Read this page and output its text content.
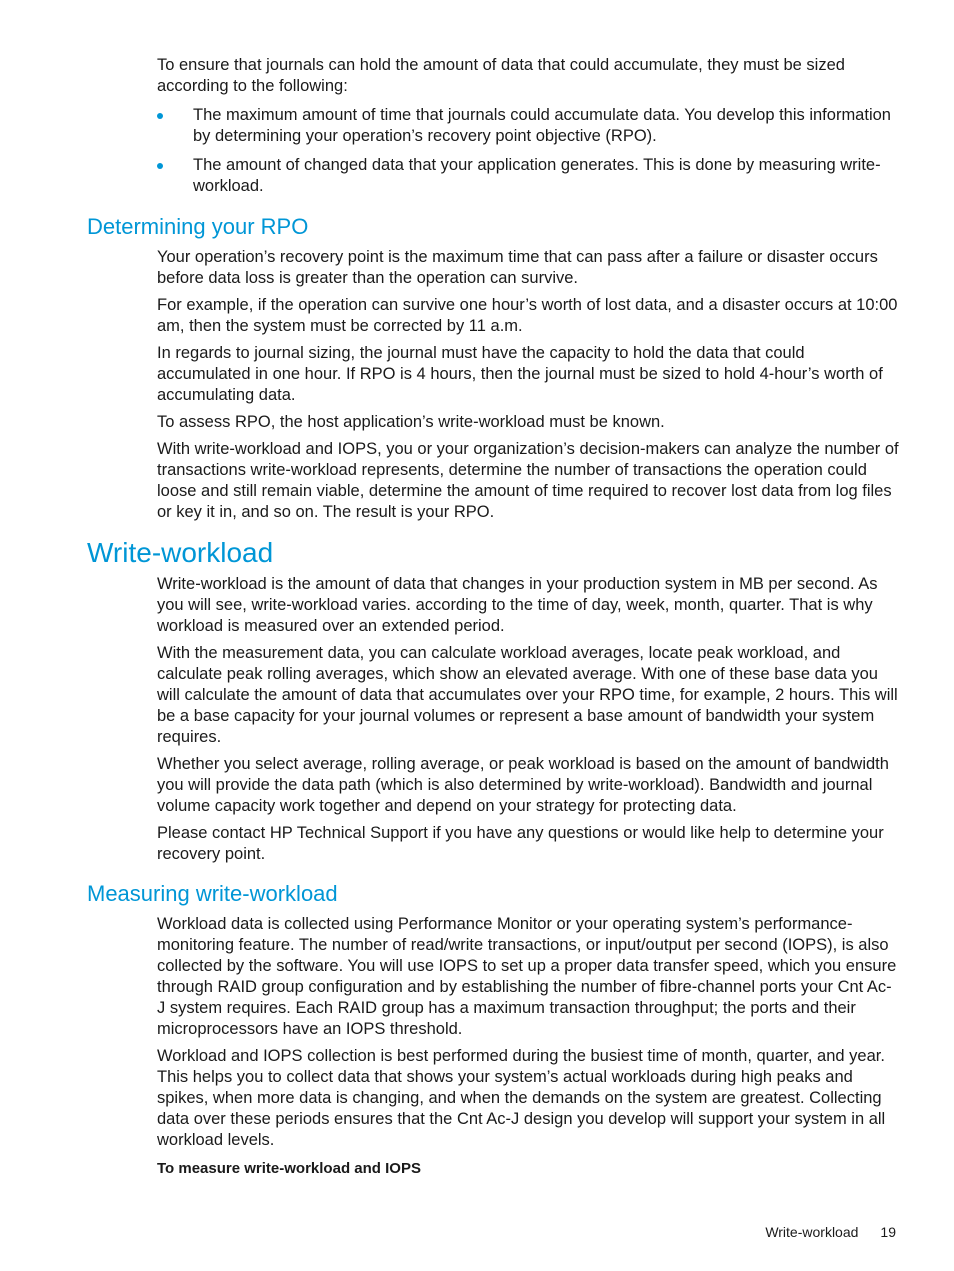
To ensure that journals can hold the amount of data that could accumulate, they must be sized according to the following:

The maximum amount of time that journals could accumulate data. You develop this information by determining your operation’s recovery point objective (RPO).
The amount of changed data that your application generates. This is done by measuring write-workload.
Determining your RPO

Your operation’s recovery point is the maximum time that can pass after a failure or disaster occurs before data loss is greater than the operation can survive.

For example, if the operation can survive one hour’s worth of lost data, and a disaster occurs at 10:00 am, then the system must be corrected by 11 a.m.

In regards to journal sizing, the journal must have the capacity to hold the data that could accumulated in one hour. If RPO is 4 hours, then the journal must be sized to hold 4-hour’s worth of accumulating data.

To assess RPO, the host application’s write-workload must be known.

With write-workload and IOPS, you or your organization’s decision-makers can analyze the number of transactions write-workload represents, determine the number of transactions the operation could loose and still remain viable, determine the amount of time required to recover lost data from log files or key it in, and so on. The result is your RPO.

Write-workload

Write-workload is the amount of data that changes in your production system in MB per second. As you will see, write-workload varies. according to the time of day, week, month, quarter. That is why workload is measured over an extended period.

With the measurement data, you can calculate workload averages, locate peak workload, and calculate peak rolling averages, which show an elevated average. With one of these base data you will calculate the amount of data that accumulates over your RPO time, for example, 2 hours. This will be a base capacity for your journal volumes or represent a base amount of bandwidth your system requires.

Whether you select average, rolling average, or peak workload is based on the amount of bandwidth you will provide the data path (which is also determined by write-workload). Bandwidth and journal volume capacity work together and depend on your strategy for protecting data.

Please contact HP Technical Support if you have any questions or would like help to determine your recovery point.

Measuring write-workload

Workload data is collected using Performance Monitor or your operating system’s performance-monitoring feature. The number of read/write transactions, or input/output per second (IOPS), is also collected by the software. You will use IOPS to set up a proper data transfer speed, which you ensure through RAID group configuration and by establishing the number of fibre-channel ports your Cnt Ac-J system requires. Each RAID group has a maximum transaction throughput; the ports and their microprocessors have an IOPS threshold.

Workload and IOPS collection is best performed during the busiest time of month, quarter, and year. This helps you to collect data that shows your system’s actual workloads during high peaks and spikes, when more data is changing, and when the demands on the system are greatest. Collecting data over these periods ensures that the Cnt Ac-J design you develop will support your system in all workload levels.

To measure write-workload and IOPS

Write-workload 19
